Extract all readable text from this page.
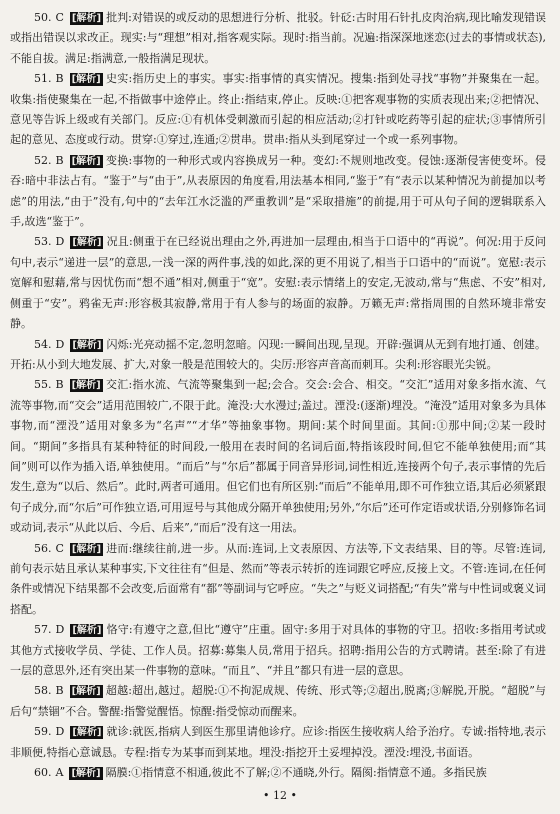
50. C [解析] 批判:对错误的或反动的思想进行分析、批驳。针砭:古时用石针扎皮肉治病,现比喻发现错误或指出错误以求改正。现实:与“理想”相对,指客观实际。现时:指当前。况遍:指深深地迷恋(过去的事情或状态),不能自拔。满足:指满意,一般指满足现状。

51. B [解析] 史实:指历史上的事实。事实:指事情的真实情况。搜集:指到处寻找“事物”并聚集在一起。收集:指使聚集在一起,不指做事中途停止。终止:指结束,停止。反映:①把客观事物的实质表现出来;②把情况、意见等告诉上级或有关部门。反应:①有机体受刺激而引起的相应活动;②打针或吃药等引起的症状;③事情所引起的意见、态度或行动。贯穿:①穿过,连通;②贯串。贯串:指从头到尾穿过一个或一系列事物。

52. B [解析] 变换:事物的一种形式或内容换成另一种。变幻:不规则地改变。侵蚀:逐渐侵害使变坏。侵吞:暗中非法占有。“鉴于”与“由于”,从表原因的角度看,用法基本相同,“鉴于”有“表示以某种情况为前提加以考虑”的用法,“由于”没有,句中的“去年江水泛滥的严重教训”是“采取措施”的前提,用于可从句子间的逻辑联系入手,故选“鉴于”。

53. D [解析] 况且:侧重于在已经说出理由之外,再进加一层理由,相当于口语中的“再说”。何况:用于反问句中,表示“递进一层”的意思,一浅一深的两件事,浅的如此,深的更不用说了,相当于口语中的“而说”。宽慰:表示宽解和慰藉,常与因忧伤而“想不通”相对,侧重于“宽”。安慰:表示情绪上的安定,无波动,常与“焦虑、不安”相对,侧重于“安”。鸦雀无声:形容极其寂静,常用于有人参与的场面的寂静。万籁无声:常指周围的自然环境非常安静。

54. D [解析] 闪烁:光亮动摇不定,忽明忽暗。闪现:一瞬间出现,呈现。开辟:强调从无到有地打通、创建。开拓:从小到大地发展、扩大,对象一般是范围较大的。尖厉:形容声音高而刺耳。尖利:形容眼光尖锐。

55. B [解析] 交汇:指水流、气流等聚集到一起;会合。交会:会合、相交。“交汇”适用对象多指水流、气流等事物,而“交会”适用范围较广,不限于此。淹没:大水漫过;盖过。湮没:(逐渐)埋没。“淹没”适用对象多为具体事物,而“湮没”适用对象多为“名声”“才华”等抽象事物。期间:某个时间里面。其间:①那中间;②某一段时间。“期间”多指具有某种特征的时间段,一般用在表时间的名词后面,特指该段时间,但它不能单独使用;而“其间”则可以作为插入语,单独使用。“而后”与“尔后”都属于同音异形词,词性相近,连接两个句子,表示事情的先后发生,意为“以后、然后”。此时,两者可通用。但它们也有所区别:“而后”不能单用,即不可作独立语,其后必须紧跟句子成分,而“尔后”可作独立语,可用逗号与其他成分隔开单独使用;另外,“尔后”还可作定语或状语,分别修饰名词或动词,表示“从此以后、今后、后来”,“而后”没有这一用法。

56. C [解析] 进而:继续往前,进一步。从而:连词,上文表原因、方法等,下文表结果、目的等。尽管:连词,前句表示姑且承认某种事实,下文往往有“但是、然而”等表示转折的连词跟它呼应,反接上文。不管:连词,在任何条件或情况下结果都不会改变,后面常有“都”等副词与它呼应。“失之”与贬义词搭配;“有失”常与中性词或褒义词搭配。

57. D [解析] 恪守:有遵守之意,但比“遵守”庄重。固守:多用于对具体的事物的守卫。招收:多指用考试或其他方式接收学员、学徒、工作人员。招募:募集人员,常用于招兵。招聘:指用公告的方式聘请。甚至:除了有进一层的意思外,还有突出某一件事物的意味。“而且”、“并且”都只有进一层的意思。

58. B [解析] 超越:超出,越过。超脱:①不拘泥成规、传统、形式等;②超出,脱离;③解脱,开脱。“超脱”与后句“禁锢”不合。警醒:指警觉醒悟。惊醒:指受惊动而醒来。

59. D [解析] 就诊:就医,指病人到医生那里请他诊疗。应诊:指医生接收病人给予治疗。专诚:指特地,表示非顺便,特指心意诚恳。专程:指专为某事而到某地。埋没:指挖开土妥埋掉没。湮没:埋没,书面语。

60. A [解析] 隔膜:①指情意不相通,彼此不了解;②不通晓,外行。隔阂:指情意不通。多指民族

• 12 •
